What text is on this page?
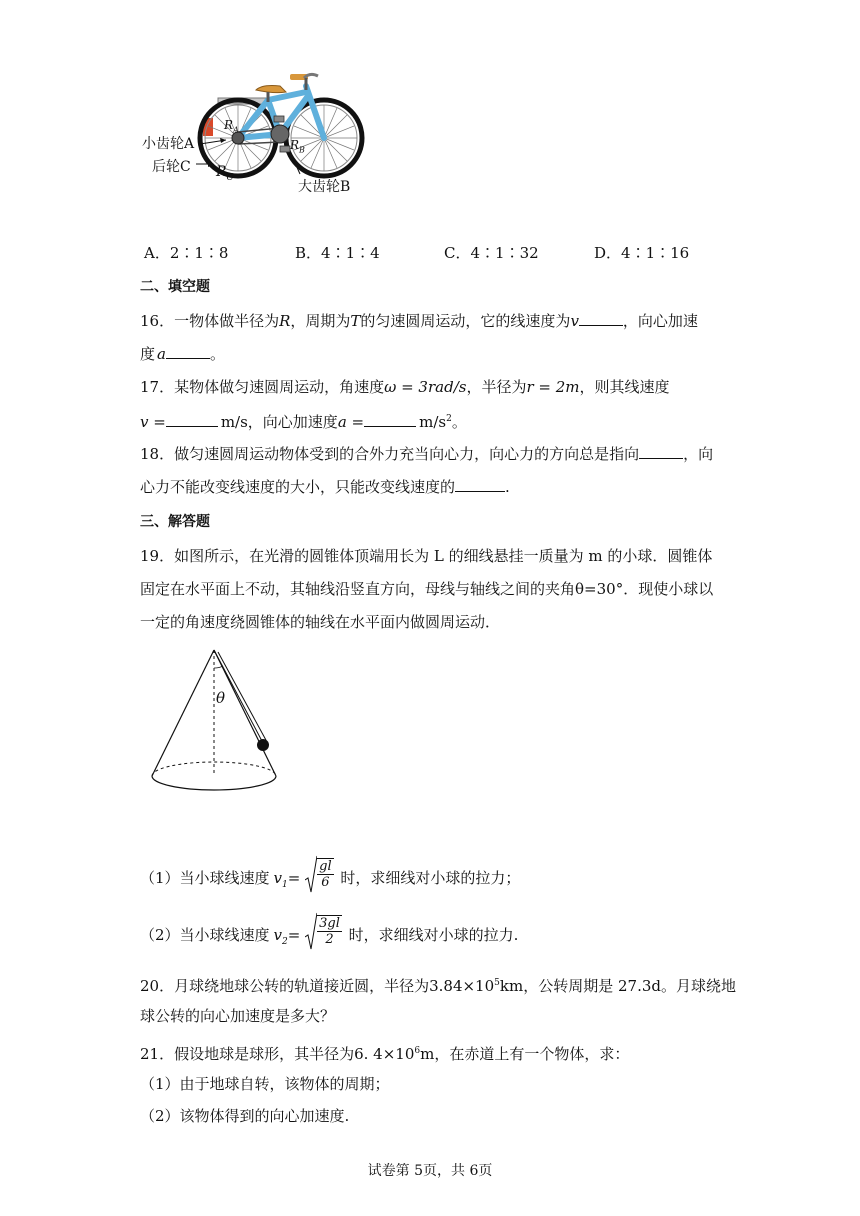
小齿轮A
后轮C $R_C$
大齿轮B
$R_A$
$R_B$
A．2∶1∶8	B．4∶1∶4	C．4∶1∶32	D．4∶1∶16
二、填空题
16．一物体做半径为R，周期为T的匀速圆周运动，它的线速度为v	，向心加速
度 a	。
17．某物体做匀速圆周运动，角速度ω = 3rad/s，半径为r = 2m，则其线速度
v =	m/s，向心加速度a =	$m/s^2$。
18．做匀速圆周运动物体受到的合外力充当向心力，向心力的方向总是指向	，向
心力不能改变线速度的大小，只能改变线速度的	.
三、解答题
19．如图所示，在光滑的圆锥体顶端用长为 L 的细线悬挂一质量为 m 的小球．圆锥体
固定在水平面上不动，其轴线沿竖直方向，母线与轴线之间的夹角θ=30°．现使小球以
一定的角速度绕圆锥体的轴线在水平面内做圆周运动．
θ
（1）当小球线速度 $v_1= \frac{gl}{6}$ 时，求细线对小球的拉力；
（2）当小球线速度 $v_2= \frac{3gl}{2}$ 时，求细线对小球的拉力.
20．月球绕地球公转的轨道接近圆，半径为$3.84\times 10^5km$，公转周期是 27.3d。月球绕地
球公转的向心加速度是多大？
21．假设地球是球形，其半径为6. $4\times 10^6m$，在赤道上有一个物体，求：
（1）由于地球自转，该物体的周期；
（2）该物体得到的向心加速度.
试卷第 5页，共 6页
